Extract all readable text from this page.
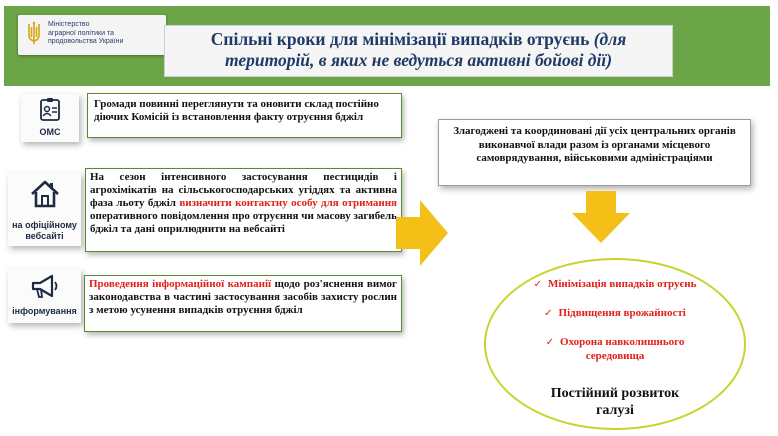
Міністерство
аграрної політики та
продовольства України	Спільні кроки для мінімізації випадків отруєнь (для
територій, в яких не ведуться активні бойові дії)
ОМС
Громади повинні переглянути та оновити склад постійно діючих Комісій із встановлення факту отруєння бджіл
на офіційному
вебсайті
На сезон інтенсивного застосування пестицидів і агрохімікатів на сільськогосподарських угіддях та активна фаза льоту бджіл визначити контактну особу для отримання оперативного повідомлення про отруєння чи масову загибель бджіл та дані оприлюднити на вебсайті
інформування
Проведення інформаційної кампанії щодо роз'яснення вимог законодавства в частині застосування засобів захисту рослин з метою усунення випадків отруєння бджіл
Злагоджені та координовані дії усіх центральних органів виконавчої влади разом із органами місцевого самоврядування, військовими адміністраціями
✓ Мінімізація випадків отруєнь
✓ Підвищення врожайності
✓ Охорона навколишнього
середовища
Постійний розвиток
галузі
